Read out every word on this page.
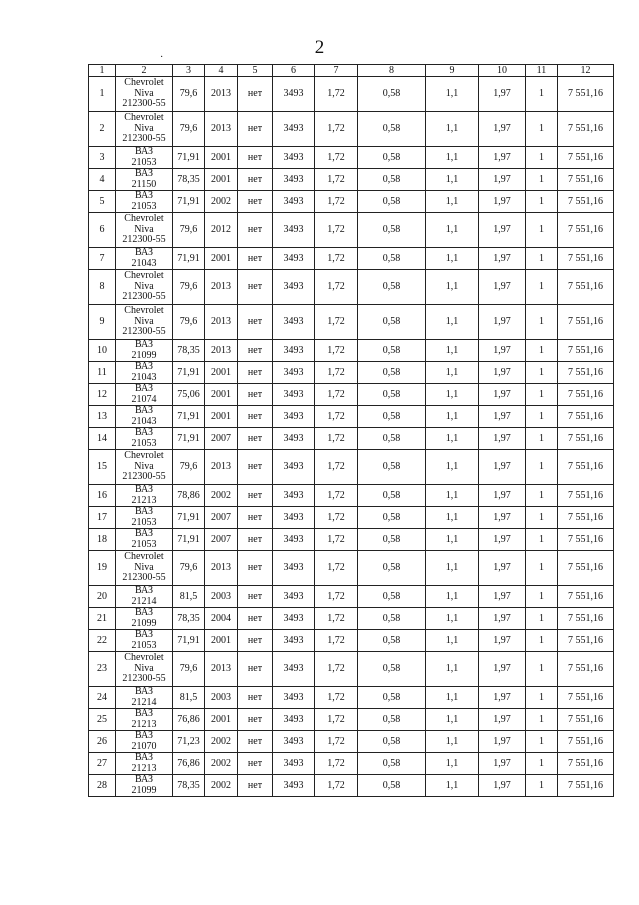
2
·
1	2	3	4	5	6	7	8	9	10	11	12
1	Chevrolet
Niva
212300-55	79,6	2013	нет	3493	1,72	0,58	1,1	1,97	1	7 551,16
2	Chevrolet
Niva
212300-55	79,6	2013	нет	3493	1,72	0,58	1,1	1,97	1	7 551,16
3	ВАЗ
21053	71,91	2001	нет	3493	1,72	0,58	1,1	1,97	1	7 551,16
4	ВАЗ
21150	78,35	2001	нет	3493	1,72	0,58	1,1	1,97	1	7 551,16
5	ВАЗ
21053	71,91	2002	нет	3493	1,72	0,58	1,1	1,97	1	7 551,16
6	Chevrolet
Niva
212300-55	79,6	2012	нет	3493	1,72	0,58	1,1	1,97	1	7 551,16
7	ВАЗ
21043	71,91	2001	нет	3493	1,72	0,58	1,1	1,97	1	7 551,16
8	Chevrolet
Niva
212300-55	79,6	2013	нет	3493	1,72	0,58	1,1	1,97	1	7 551,16
9	Chevrolet
Niva
212300-55	79,6	2013	нет	3493	1,72	0,58	1,1	1,97	1	7 551,16
10	ВАЗ
21099	78,35	2013	нет	3493	1,72	0,58	1,1	1,97	1	7 551,16
11	ВАЗ
21043	71,91	2001	нет	3493	1,72	0,58	1,1	1,97	1	7 551,16
12	ВАЗ
21074	75,06	2001	нет	3493	1,72	0,58	1,1	1,97	1	7 551,16
13	ВАЗ
21043	71,91	2001	нет	3493	1,72	0,58	1,1	1,97	1	7 551,16
14	ВАЗ
21053	71,91	2007	нет	3493	1,72	0,58	1,1	1,97	1	7 551,16
15	Chevrolet
Niva
212300-55	79,6	2013	нет	3493	1,72	0,58	1,1	1,97	1	7 551,16
16	ВАЗ
21213	78,86	2002	нет	3493	1,72	0,58	1,1	1,97	1	7 551,16
17	ВАЗ
21053	71,91	2007	нет	3493	1,72	0,58	1,1	1,97	1	7 551,16
18	ВАЗ
21053	71,91	2007	нет	3493	1,72	0,58	1,1	1,97	1	7 551,16
19	Chevrolet
Niva
212300-55	79,6	2013	нет	3493	1,72	0,58	1,1	1,97	1	7 551,16
20	ВАЗ
21214	81,5	2003	нет	3493	1,72	0,58	1,1	1,97	1	7 551,16
21	ВАЗ
21099	78,35	2004	нет	3493	1,72	0,58	1,1	1,97	1	7 551,16
22	ВАЗ
21053	71,91	2001	нет	3493	1,72	0,58	1,1	1,97	1	7 551,16
23	Chevrolet
Niva
212300-55	79,6	2013	нет	3493	1,72	0,58	1,1	1,97	1	7 551,16
24	ВАЗ
21214	81,5	2003	нет	3493	1,72	0,58	1,1	1,97	1	7 551,16
25	ВАЗ
21213	76,86	2001	нет	3493	1,72	0,58	1,1	1,97	1	7 551,16
26	ВАЗ
21070	71,23	2002	нет	3493	1,72	0,58	1,1	1,97	1	7 551,16
27	ВАЗ
21213	76,86	2002	нет	3493	1,72	0,58	1,1	1,97	1	7 551,16
28	ВАЗ
21099	78,35	2002	нет	3493	1,72	0,58	1,1	1,97	1	7 551,16
